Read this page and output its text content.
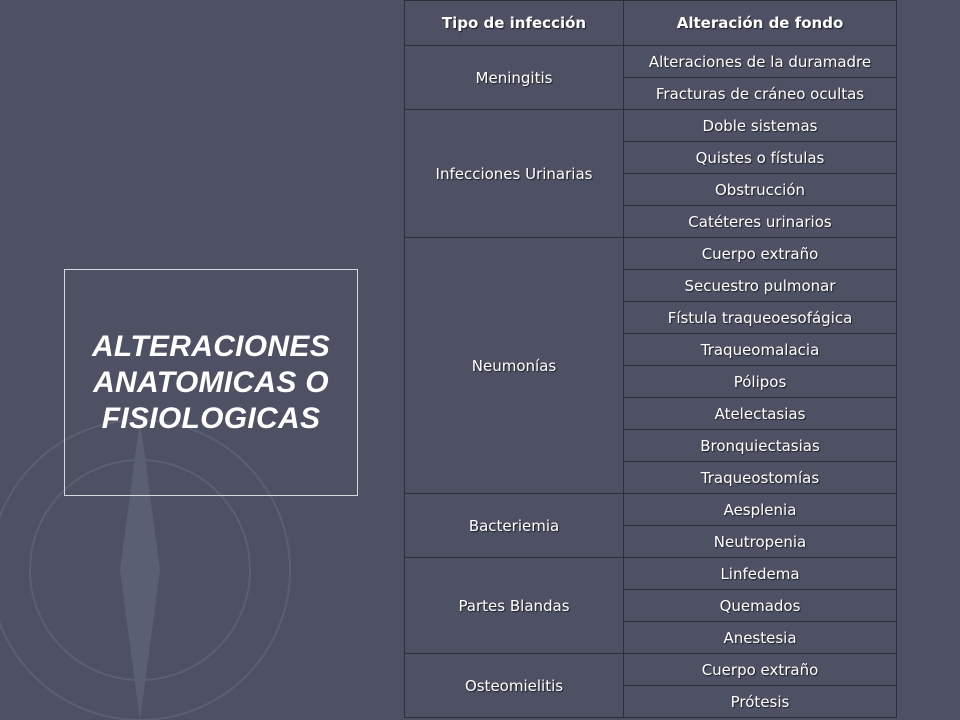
ALTERACIONES
ANATOMICAS O
FISIOLOGICAS
Tipo de infección	Alteración de fondo
Meningitis	Alteraciones de la duramadre
	Fracturas de cráneo ocultas
Infecciones Urinarias	Doble sistemas
	Quistes o fístulas
	Obstrucción
	Catéteres urinarios
Neumonías	Cuerpo extraño
	Secuestro pulmonar
	Fístula traqueoesofágica
	Traqueomalacia
	Pólipos
	Atelectasias
	Bronquiectasias
	Traqueostomías
Bacteriemia	Aesplenia
	Neutropenia
Partes Blandas	Linfedema
	Quemados
	Anestesia
Osteomielitis	Cuerpo extraño
	Prótesis
